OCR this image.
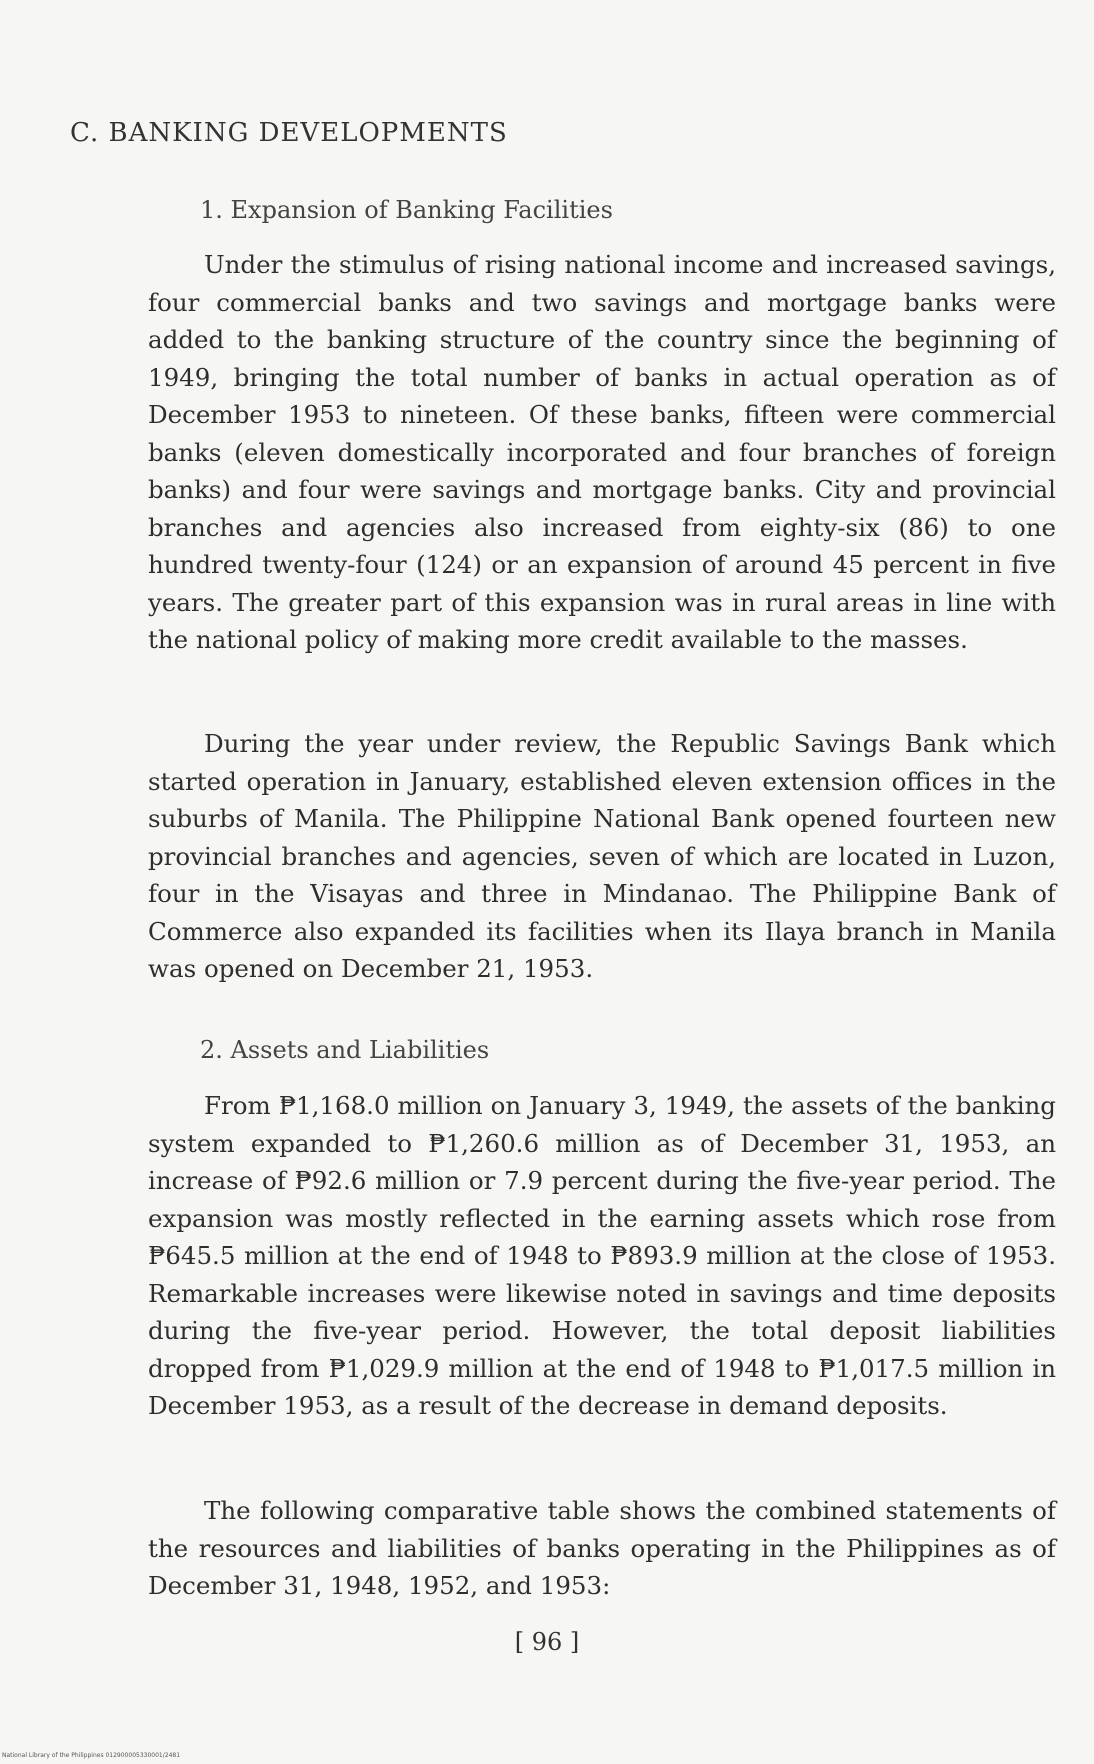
C. BANKING DEVELOPMENTS
1. Expansion of Banking Facilities

Under the stimulus of rising national income and increased savings, four commercial banks and two savings and mortgage banks were added to the banking structure of the country since the beginning of 1949, bringing the total number of banks in actual operation as of December 1953 to nineteen. Of these banks, fifteen were commercial banks (eleven domestically incorporated and four branches of foreign banks) and four were savings and mortgage banks. City and provincial branches and agencies also increased from eighty-six (86) to one hundred twenty-four (124) or an expansion of around 45 percent in five years. The greater part of this expansion was in rural areas in line with the national policy of making more credit available to the masses.

During the year under review, the Republic Savings Bank which started operation in January, established eleven extension offices in the suburbs of Manila. The Philippine National Bank opened fourteen new provincial branches and agencies, seven of which are located in Luzon, four in the Visayas and three in Mindanao. The Philippine Bank of Commerce also expanded its facilities when its Ilaya branch in Manila was opened on December 21, 1953.

2. Assets and Liabilities

From ₱1,168.0 million on January 3, 1949, the assets of the banking system expanded to ₱1,260.6 million as of December 31, 1953, an increase of ₱92.6 million or 7.9 percent during the five-year period. The expansion was mostly reflected in the earning assets which rose from ₱645.5 million at the end of 1948 to ₱893.9 million at the close of 1953. Remarkable increases were likewise noted in savings and time deposits during the five-year period. However, the total deposit liabilities dropped from ₱1,029.9 million at the end of 1948 to ₱1,017.5 million in December 1953, as a result of the decrease in demand deposits.

The following comparative table shows the combined statements of the resources and liabilities of banks operating in the Philippines as of December 31, 1948, 1952, and 1953:

[ 96 ]
National Library of the Philippines 012900005330001/2481
